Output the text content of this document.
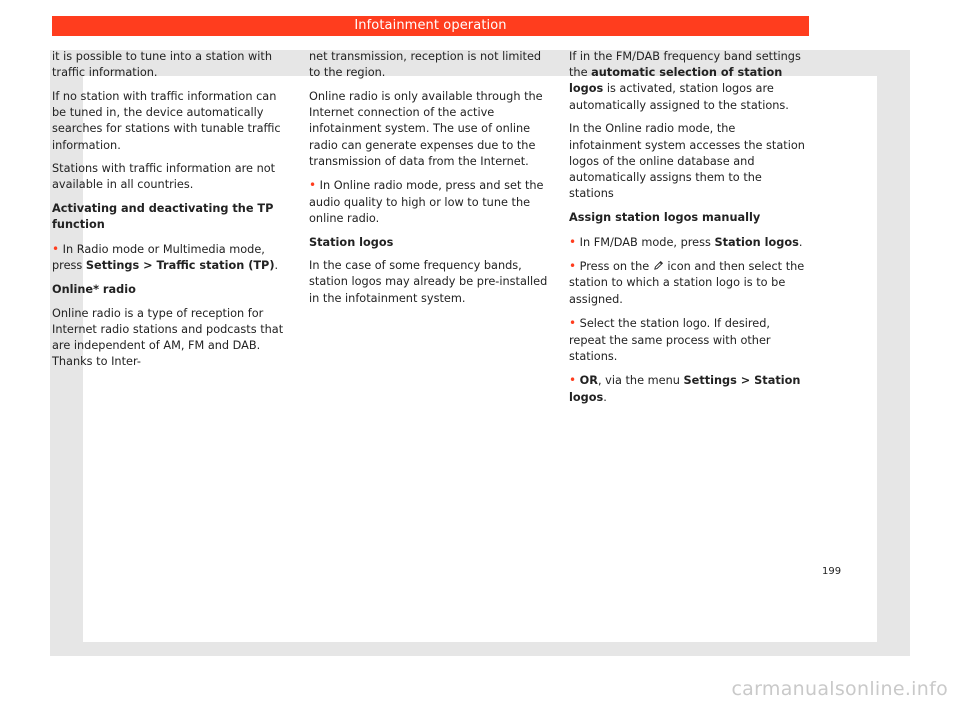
Infotainment operation

it is possible to tune into a station with traffic information.

If no station with traffic information can be tuned in, the device automatically searches for stations with tunable traffic information.

Stations with traffic information are not available in all countries.

Activating and deactivating the TP function

• In Radio mode or Multimedia mode, press Settings > Traffic station (TP).

Online* radio

Online radio is a type of reception for Internet radio stations and podcasts that are independent of AM, FM and DAB. Thanks to Inter-

net transmission, reception is not limited to the region.

Online radio is only available through the Internet connection of the active infotainment system. The use of online radio can generate expenses due to the transmission of data from the Internet.

• In Online radio mode, press and set the audio quality to high or low to tune the online radio.

Station logos

In the case of some frequency bands, station logos may already be pre-installed in the infotainment system.

If in the FM/DAB frequency band settings the automatic selection of station logos is activated, station logos are automatically assigned to the stations.

In the Online radio mode, the infotainment system accesses the station logos of the online database and automatically assigns them to the stations

Assign station logos manually

• In FM/DAB mode, press Station logos.

• Press on the icon and then select the station to which a station logo is to be assigned.

• Select the station logo. If desired, repeat the same process with other stations.

• OR, via the menu Settings > Station logos.

199
carmanualsonline.info
